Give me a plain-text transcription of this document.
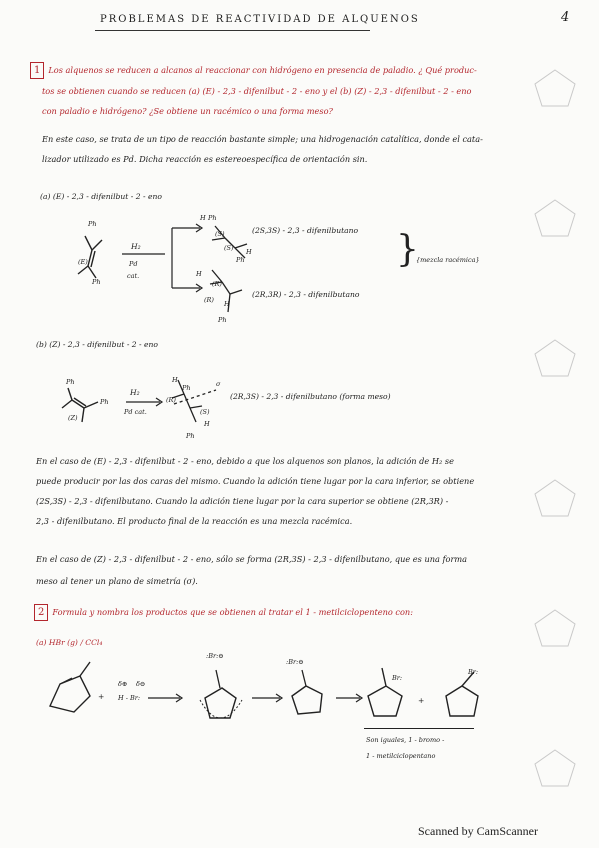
PROBLEMAS DE REACTIVIDAD DE ALQUENOS	4
1 Los alquenos se reducen a alcanos al reaccionar con hidrógeno en presencia de paladio. ¿ Qué produc-
tos se obtienen cuando se reducen (a) (E) - 2,3 - difenilbut - 2 - eno y el (b) (Z) - 2,3 - difenilbut - 2 - eno
con paladio e hidrógeno? ¿Se obtiene un racémico o una forma meso?
En este caso, se trata de un tipo de reacción bastante simple; una hidrogenación catalítica, donde el cata-
lizador utilizado es Pd. Dicha reacción es estereoespecífica de orientación sin.
(a) (E) - 2,3 - difenilbut - 2 - eno
Ph
(E)
Ph
H₂
Pd
cat.
H Ph
(S)
(S)
Ph
H
H
(R)
(R) H
Ph
(2S,3S) - 2,3 - difenilbutano
(2R,3R) - 2,3 - difenilbutano
}
{mezcla racémica}
(b) (Z) - 2,3 - difenilbut - 2 - eno
Ph
Ph
(Z)
H₂
Pd cat.
H
Ph
(R)
σ
(S)
H
Ph
(2R,3S) - 2,3 - difenilbutano (forma meso)
En el caso de (E) - 2,3 - difenilbut - 2 - eno, debido a que los alquenos son planos, la adición de H₂ se
puede producir por las dos caras del mismo. Cuando la adición tiene lugar por la cara inferior, se obtiene
(2S,3S) - 2,3 - difenilbutano. Cuando la adición tiene lugar por la cara superior se obtiene (2R,3R) -
2,3 - difenilbutano. El producto final de la reacción es una mezcla racémica.
En el caso de (Z) - 2,3 - difenilbut - 2 - eno, sólo se forma (2R,3S) - 2,3 - difenilbutano, que es una forma
meso al tener un plano de simetría (σ).
2 Formula y nombra los productos que se obtienen al tratar el 1 - metilciclopenteno con:
(a) HBr (g) / CCl₄
+
δ⊕ δ⊖
H - Br:
:Br:⊖
:Br:⊖
Br:
+
Br:
Son iguales, 1 - bromo -
1 - metilciclopentano
Scanned by CamScanner
